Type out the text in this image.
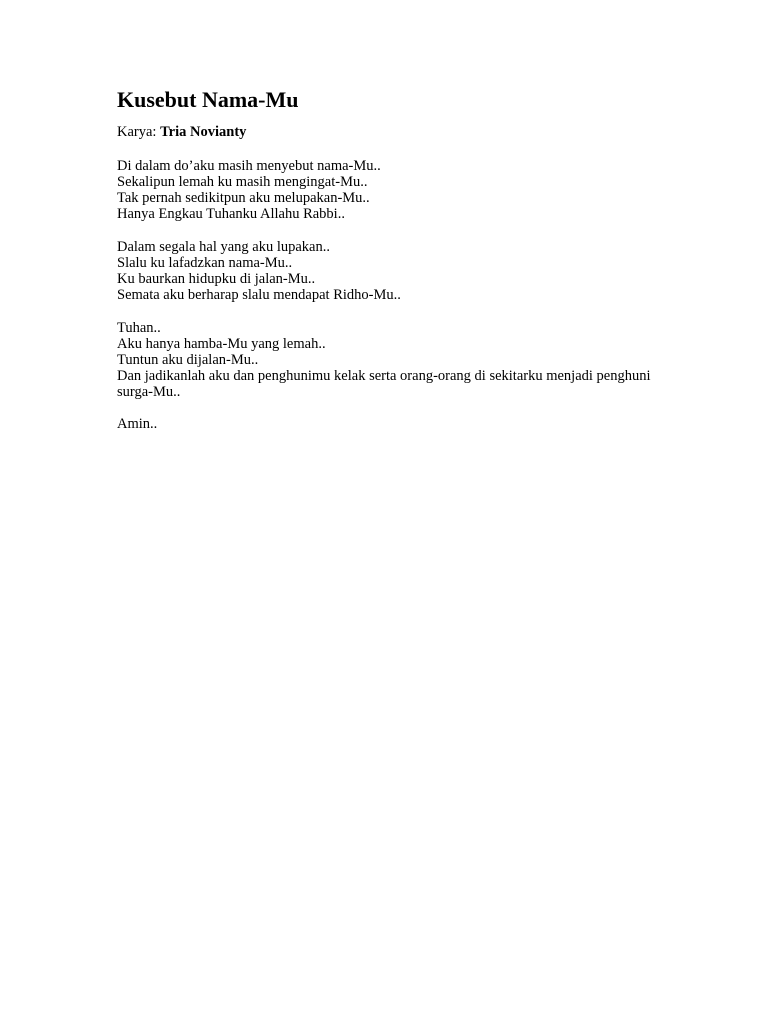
Kusebut Nama-Mu

Karya: Tria Novianty

Di dalam do’aku masih menyebut nama-Mu..
Sekalipun lemah ku masih mengingat-Mu..
Tak pernah sedikitpun aku melupakan-Mu..
Hanya Engkau Tuhanku Allahu Rabbi..
Dalam segala hal yang aku lupakan..
Slalu ku lafadzkan nama-Mu..
Ku baurkan hidupku di jalan-Mu..
Semata aku berharap slalu mendapat Ridho-Mu..
Tuhan..
Aku hanya hamba-Mu yang lemah..
Tuntun aku dijalan-Mu..
Dan jadikanlah aku dan penghunimu kelak serta orang-orang di sekitarku menjadi penghuni surga-Mu..

Amin..
